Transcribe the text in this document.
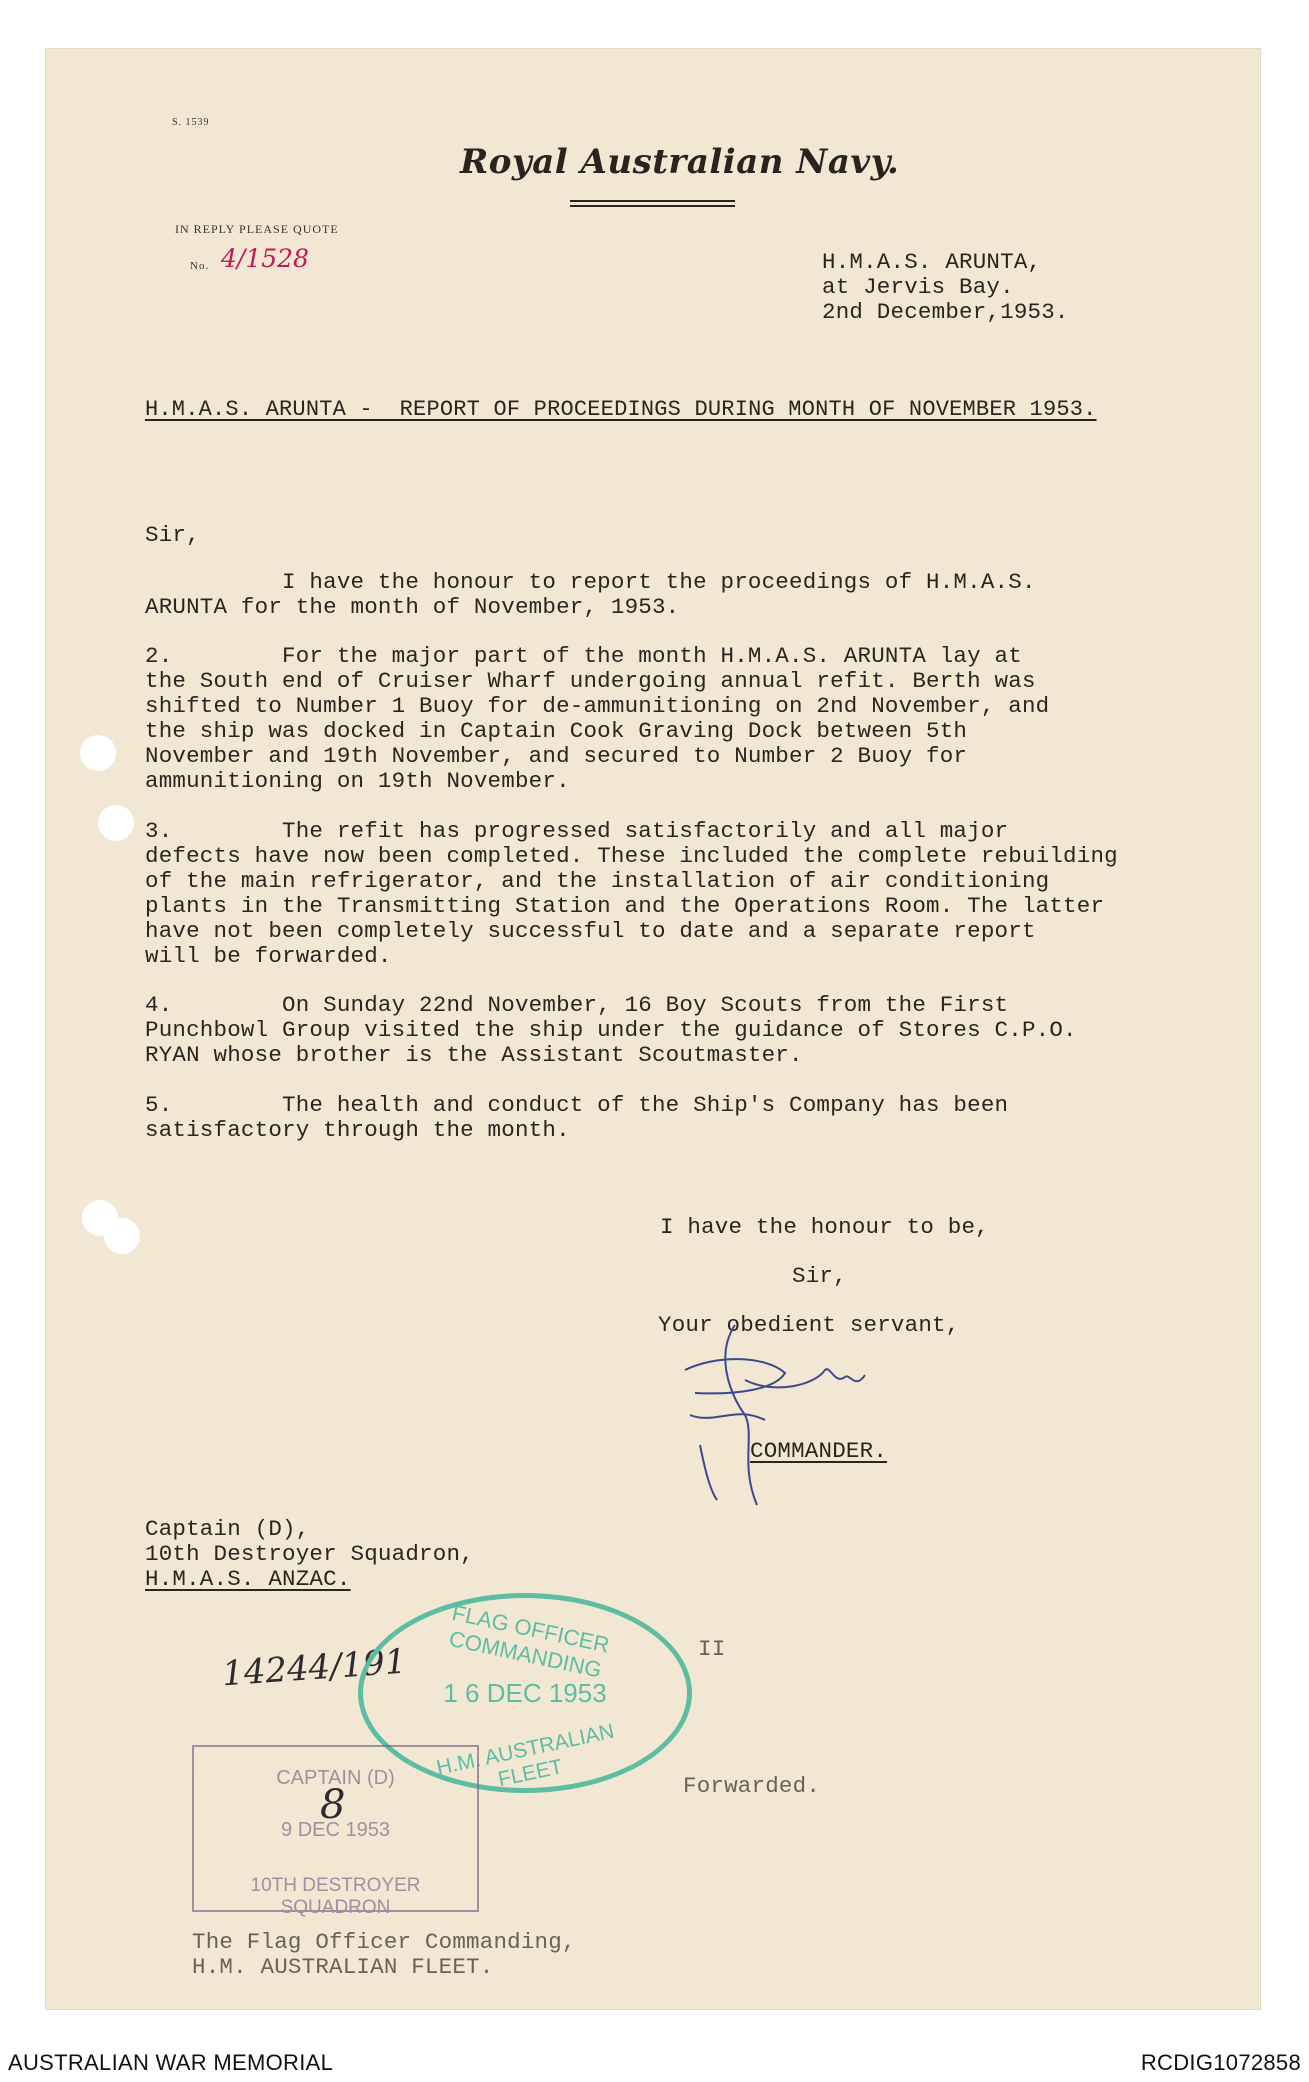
S. 1539
Royal Australian Navy.
IN REPLY PLEASE QUOTE
No. 4/1528	H.M.A.S. ARUNTA,
at Jervis Bay.
2nd December,1953.
H.M.A.S. ARUNTA -  REPORT OF PROCEEDINGS DURING MONTH OF NOVEMBER 1953.
Sir,
I have the honour to report the proceedings of H.M.A.S.
ARUNTA for the month of November, 1953.
2.        For the major part of the month H.M.A.S. ARUNTA lay at
the South end of Cruiser Wharf undergoing annual refit. Berth was
shifted to Number 1 Buoy for de-ammunitioning on 2nd November, and
the ship was docked in Captain Cook Graving Dock between 5th
November and 19th November, and secured to Number 2 Buoy for
ammunitioning on 19th November.
3.        The refit has progressed satisfactorily and all major
defects have now been completed. These included the complete rebuilding
of the main refrigerator, and the installation of air conditioning
plants in the Transmitting Station and the Operations Room. The latter
have not been completely successful to date and a separate report
will be forwarded.
4.        On Sunday 22nd November, 16 Boy Scouts from the First
Punchbowl Group visited the ship under the guidance of Stores C.P.O.
RYAN whose brother is the Assistant Scoutmaster.
5.        The health and conduct of the Ship's Company has been
satisfactory through the month.
I have the honour to be,
Sir,
Your obedient servant,
COMMANDER.
Captain (D),
10th Destroyer Squadron,
H.M.A.S. ANZAC.
14244/191	II
Forwarded.
FLAG OFFICER COMMANDING
1 6 DEC 1953
H.M. AUSTRALIAN FLEET
CAPTAIN (D)
9 DEC 1953
10TH DESTROYER SQUADRON
8
The Flag Officer Commanding,
H.M. AUSTRALIAN FLEET.
AUSTRALIAN WAR MEMORIAL	RCDIG1072858
